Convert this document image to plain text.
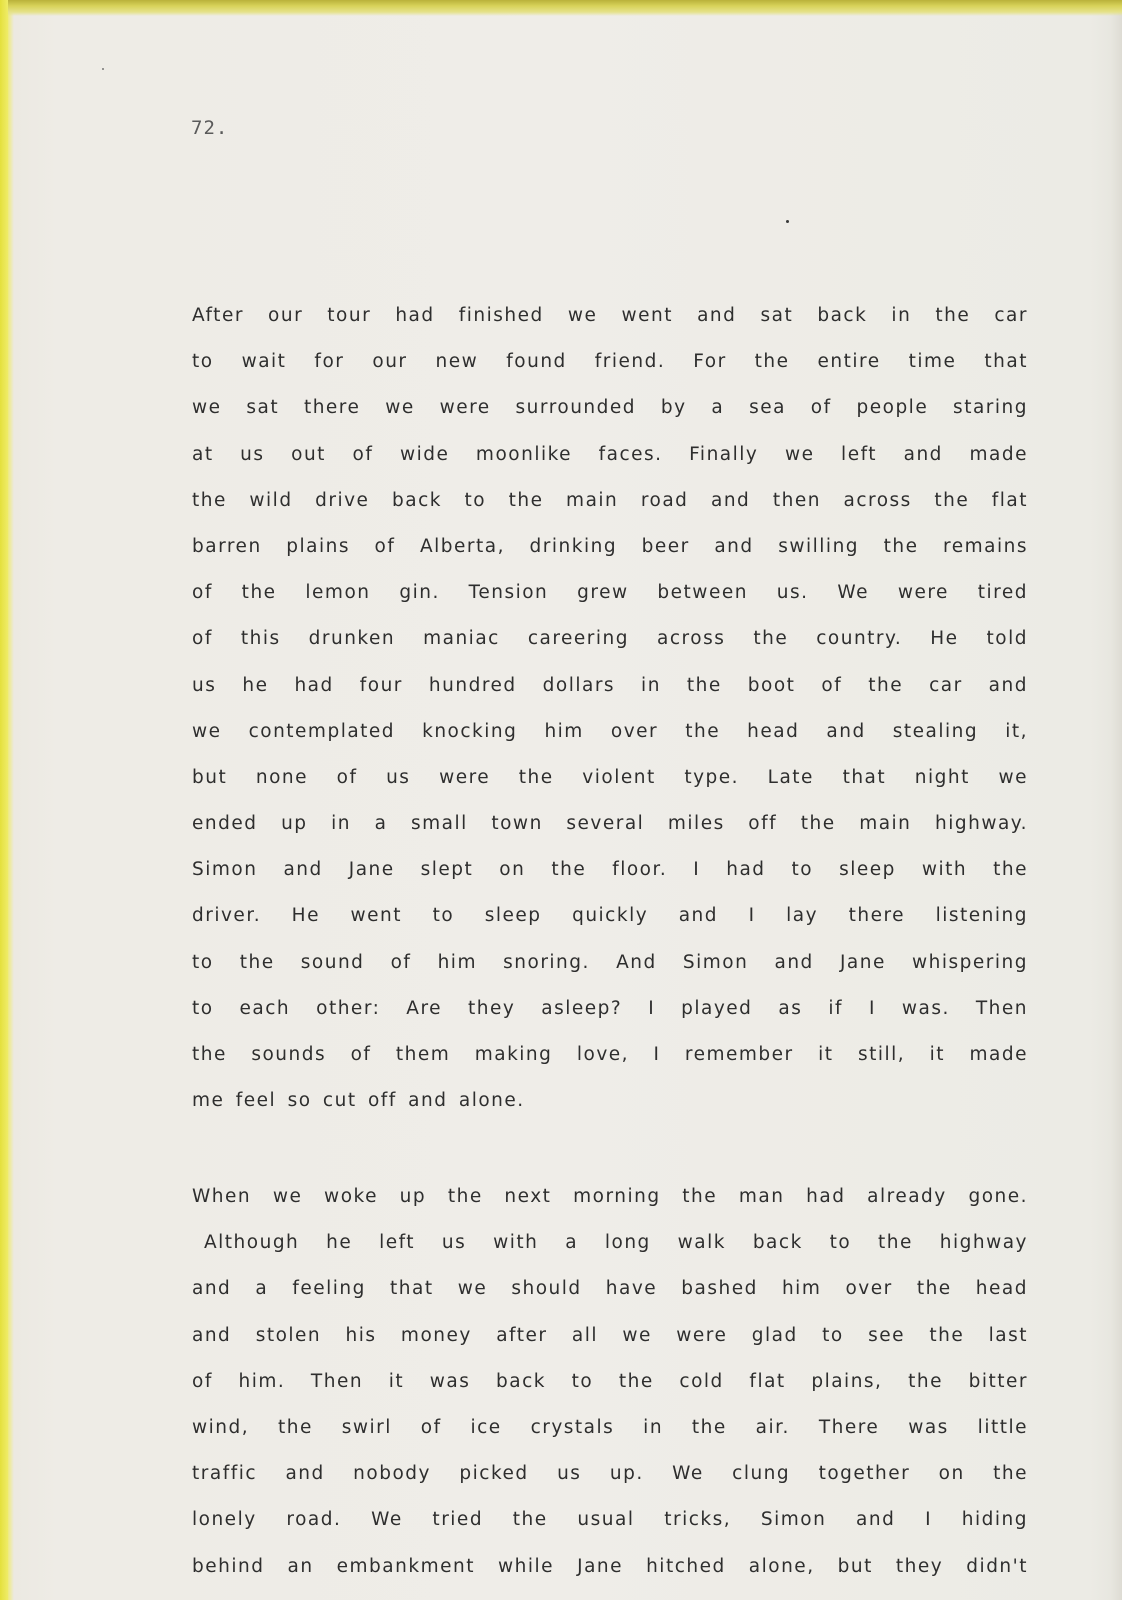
72.

After our tour had finished we went and sat back in the car
to wait for our new found friend. For the entire time that
we sat there we were surrounded by a sea of people staring
at us out of wide moonlike faces. Finally we left and made
the wild drive back to the main road and then across the flat
barren plains of Alberta, drinking beer and swilling the remains
of the lemon gin. Tension grew between us. We were tired
of this drunken maniac careering across the country. He told
us he had four hundred dollars in the boot of the car and
we contemplated knocking him over the head and stealing it,
but none of us were the violent type. Late that night we
ended up in a small town several miles off the main highway.
Simon and Jane slept on the floor. I had to sleep with the
driver. He went to sleep quickly and I lay there listening
to the sound of him snoring. And Simon and Jane whispering
to each other: Are they asleep? I played as if I was. Then
the sounds of them making love, I remember it still, it made
me feel so cut off and alone.
When we woke up the next morning the man had already gone.
Although he left us with a long walk back to the highway
and a feeling that we should have bashed him over the head
and stolen his money after all we were glad to see the last
of him. Then it was back to the cold flat plains, the bitter
wind, the swirl of ice crystals in the air. There was little
traffic and nobody picked us up. We clung together on the
lonely road. We tried the usual tricks, Simon and I hiding
behind an embankment while Jane hitched alone, but they didn't
